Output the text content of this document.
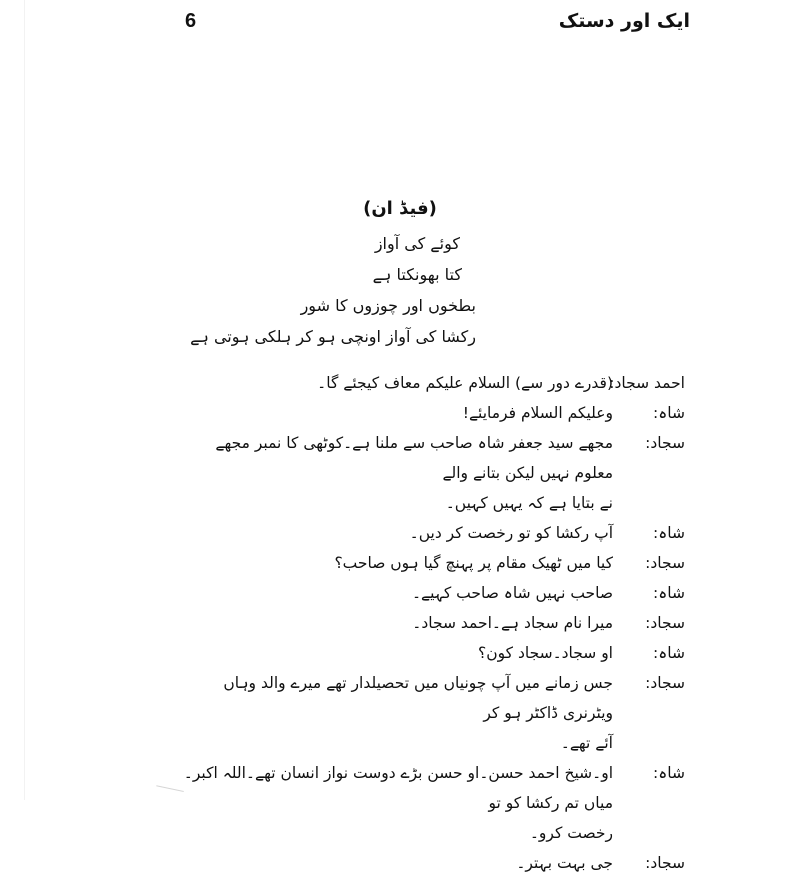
ایک اور دستک
6
(فیڈ ان)
کوئے کی آواز
کتا بھونکتا ہے
بطخوں اور چوزوں کا شور
رکشا کی آواز اونچی ہو کر ہلکی ہوتی ہے
احمد سجاد:
(قدرے دور سے) السلام علیکم معاف کیجئے گا۔
شاہ:
وعلیکم السلام فرمایئے!
سجاد:
مجھے سید جعفر شاہ صاحب سے ملنا ہے۔کوٹھی کا نمبر مجھے معلوم نہیں لیکن بتانے والے
نے بتایا ہے کہ یہیں کہیں۔
شاہ:
آپ رکشا کو تو رخصت کر دیں۔
سجاد:
کیا میں ٹھیک مقام پر پہنچ گیا ہوں صاحب؟
شاہ:
صاحب نہیں شاہ صاحب کہیے۔
سجاد:
میرا نام سجاد ہے۔احمد سجاد۔
شاہ:
او سجاد۔سجاد کون؟
سجاد:
جس زمانے میں آپ چونیاں میں تحصیلدار تھے میرے والد وہاں ویٹرنری ڈاکٹر ہو کر
آئے تھے۔
شاہ:
او۔شیخ احمد حسن۔او حسن بڑے دوست نواز انسان تھے۔اللہ اکبر۔میاں تم رکشا کو تو
رخصت کرو۔
سجاد:
جی بہت بہتر۔
